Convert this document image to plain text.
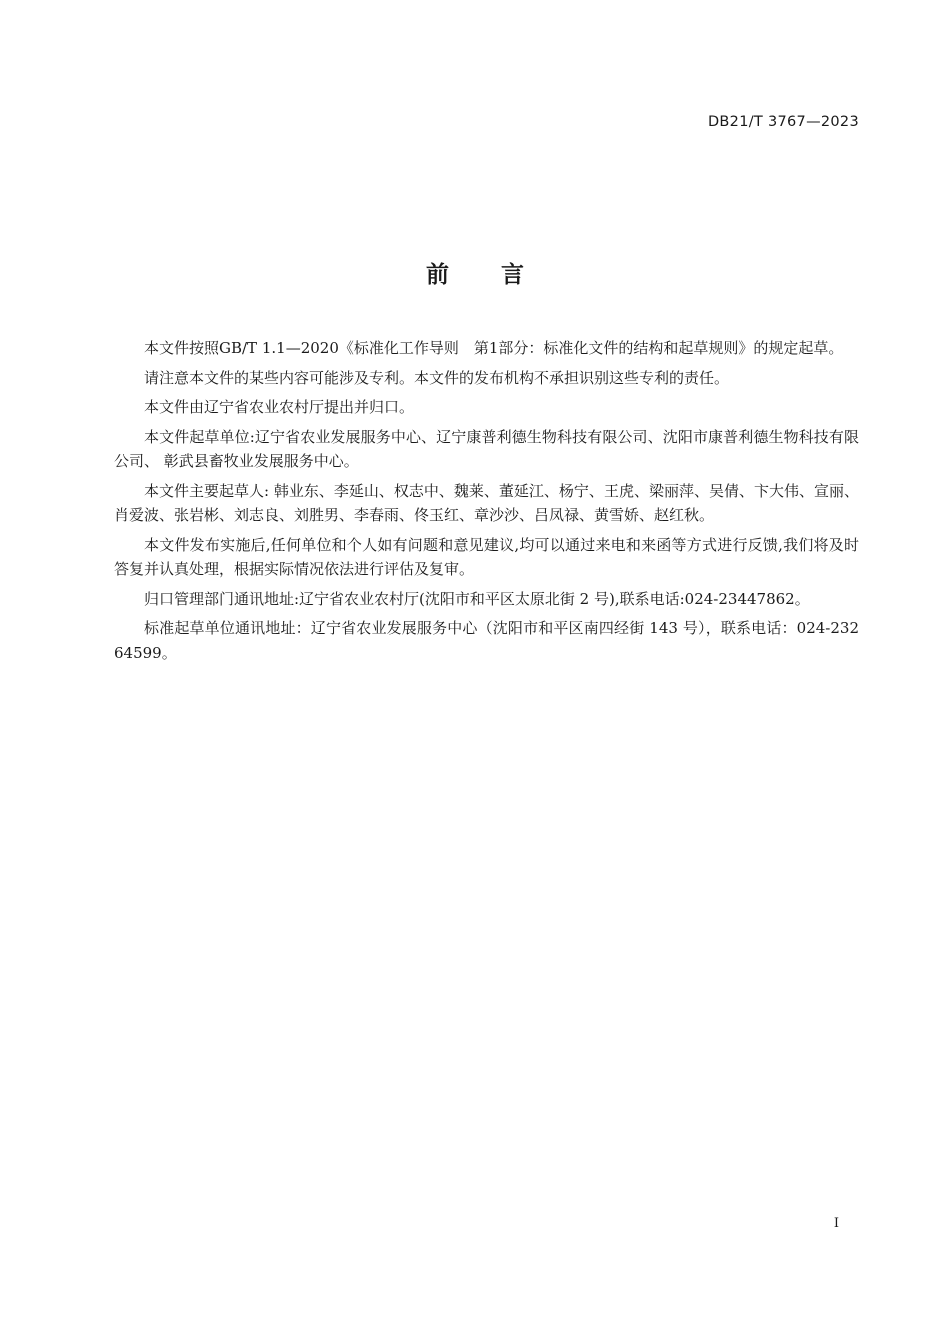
DB21/T 3767—2023
前 言

本文件按照GB/T 1.1—2020《标准化工作导则　第1部分：标准化文件的结构和起草规则》的规定起草。

请注意本文件的某些内容可能涉及专利。本文件的发布机构不承担识别这些专利的责任。

本文件由辽宁省农业农村厅提出并归口。

本文件起草单位:辽宁省农业发展服务中心、辽宁康普利德生物科技有限公司、沈阳市康普利德生物科技有限公司、 彰武县畜牧业发展服务中心。

本文件主要起草人: 韩业东、李延山、权志中、魏莱、董延江、杨宁、王虎、梁丽萍、吴倩、卞大伟、宣丽、肖爱波、张岩彬、刘志良、刘胜男、李春雨、佟玉红、章沙沙、吕凤禄、黄雪娇、赵红秋。

本文件发布实施后,任何单位和个人如有问题和意见建议,均可以通过来电和来函等方式进行反馈,我们将及时答复并认真处理，根据实际情况依法进行评估及复审。

归口管理部门通讯地址:辽宁省农业农村厅(沈阳市和平区太原北街 2 号),联系电话:024-23447862。

标准起草单位通讯地址：辽宁省农业发展服务中心（沈阳市和平区南四经街 143 号），联系电话：024-23264599。

I
